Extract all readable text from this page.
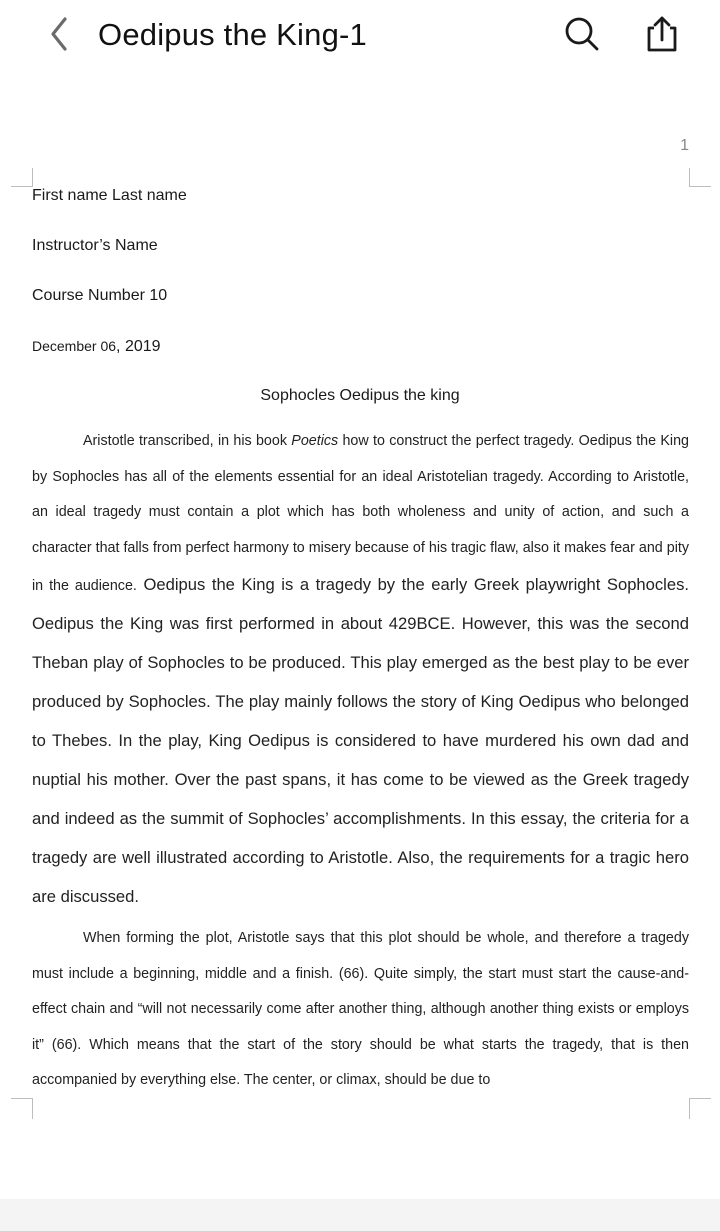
Oedipus the King-1
1
First name Last name
Instructor’s Name
Course Number 10
December 06, 2019
Sophocles Oedipus the king

Aristotle transcribed, in his book Poetics how to construct the perfect tragedy. Oedipus the King by Sophocles has all of the elements essential for an ideal Aristotelian tragedy. According to Aristotle, an ideal tragedy must contain a plot which has both wholeness and unity of action, and such a character that falls from perfect harmony to misery because of his tragic flaw, also it makes fear and pity in the audience. Oedipus the King is a tragedy by the early Greek playwright Sophocles. Oedipus the King was first performed in about 429BCE. However, this was the second Theban play of Sophocles to be produced. This play emerged as the best play to be ever produced by Sophocles. The play mainly follows the story of King Oedipus who belonged to Thebes. In the play, King Oedipus is considered to have murdered his own dad and nuptial his mother. Over the past spans, it has come to be viewed as the Greek tragedy and indeed as the summit of Sophocles’ accomplishments. In this essay, the criteria for a tragedy are well illustrated according to Aristotle. Also, the requirements for a tragic hero are discussed.

When forming the plot, Aristotle says that this plot should be whole, and therefore a tragedy must include a beginning, middle and a finish. (66). Quite simply, the start must start the cause-and-effect chain and “will not necessarily come after another thing, although another thing exists or employs it” (66). Which means that the start of the story should be what starts the tragedy, that is then accompanied by everything else. The center, or climax, should be due to
